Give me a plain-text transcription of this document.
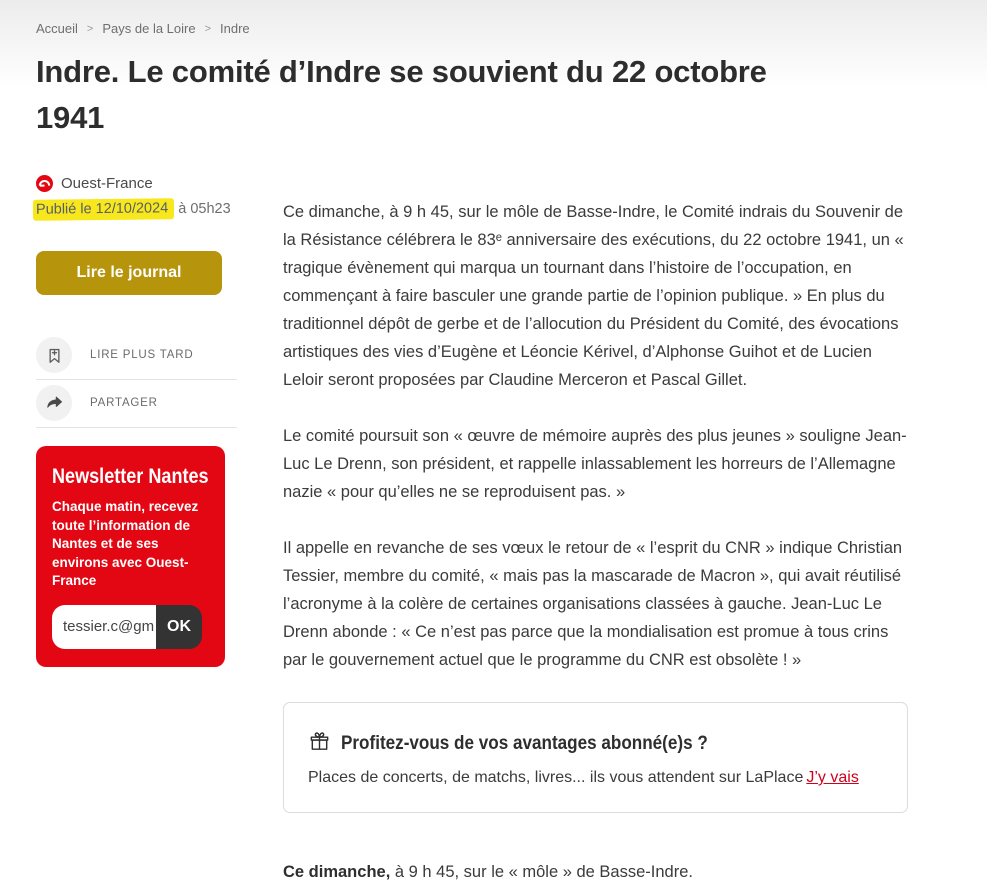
Accueil > Pays de la Loire > Indre
Indre. Le comité d’Indre se souvient du 22 octobre 1941
Ouest-France
Publié le 12/10/2024 à 05h23
Lire le journal
LIRE PLUS TARD
PARTAGER
Newsletter Nantes
Chaque matin, recevez toute l’information de Nantes et de ses environs avec Ouest-France
tessier.c@gm
OK

Ce dimanche, à 9 h 45, sur le môle de Basse-Indre, le Comité indrais du Souvenir de la Résistance célébrera le 83ᵉ anniversaire des exécutions, du 22 octobre 1941, un « tragique évènement qui marqua un tournant dans l’histoire de l’occupation, en commençant à faire basculer une grande partie de l’opinion publique. » En plus du traditionnel dépôt de gerbe et de l’allocution du Président du Comité, des évocations artistiques des vies d’Eugène et Léoncie Kérivel, d’Alphonse Guihot et de Lucien Leloir seront proposées par Claudine Merceron et Pascal Gillet.

Le comité poursuit son « œuvre de mémoire auprès des plus jeunes » souligne Jean-Luc Le Drenn, son président, et rappelle inlassablement les horreurs de l’Allemagne nazie « pour qu’elles ne se reproduisent pas. »

Il appelle en revanche de ses vœux le retour de « l’esprit du CNR » indique Christian Tessier, membre du comité, « mais pas la mascarade de Macron », qui avait réutilisé l’acronyme à la colère de certaines organisations classées à gauche. Jean-Luc Le Drenn abonde : « Ce n’est pas parce que la mondialisation est promue à tous crins par le gouvernement actuel que le programme du CNR est obsolète ! »

Profitez-vous de vos avantages abonné(e)s ?
Places de concerts, de matchs, livres... ils vous attendent sur LaPlace J’y vais

Ce dimanche, à 9 h 45, sur le « môle » de Basse-Indre.
